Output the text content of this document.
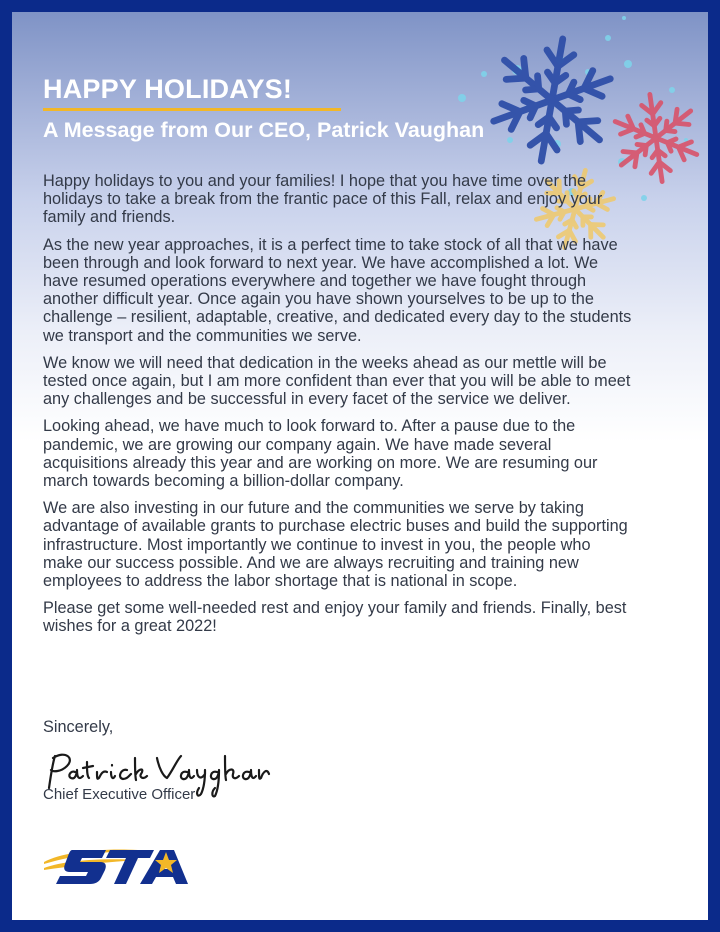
HAPPY HOLIDAYS!
A Message from Our CEO, Patrick Vaughan

Happy holidays to you and your families! I hope that you have time over the holidays to take a break from the frantic pace of this Fall, relax and enjoy your family and friends.

As the new year approaches, it is a perfect time to take stock of all that we have been through and look forward to next year. We have accomplished a lot. We have resumed operations everywhere and together we have fought through another difficult year. Once again you have shown yourselves to be up to the challenge – resilient, adaptable, creative, and dedicated every day to the students we transport and the communities we serve.

We know we will need that dedication in the weeks ahead as our mettle will be tested once again, but I am more confident than ever that you will be able to meet any challenges and be successful in every facet of the service we deliver.

Looking ahead, we have much to look forward to. After a pause due to the pandemic, we are growing our company again. We have made several acquisitions already this year and are working on more. We are resuming our march towards becoming a billion-dollar company.

We are also investing in our future and the communities we serve by taking advantage of available grants to purchase electric buses and build the supporting infrastructure. Most importantly we continue to invest in you, the people who make our success possible. And we are always recruiting and training new employees to address the labor shortage that is national in scope.

Please get some well-needed rest and enjoy your family and friends. Finally, best wishes for a great 2022!

Sincerely,
Chief Executive Officer
